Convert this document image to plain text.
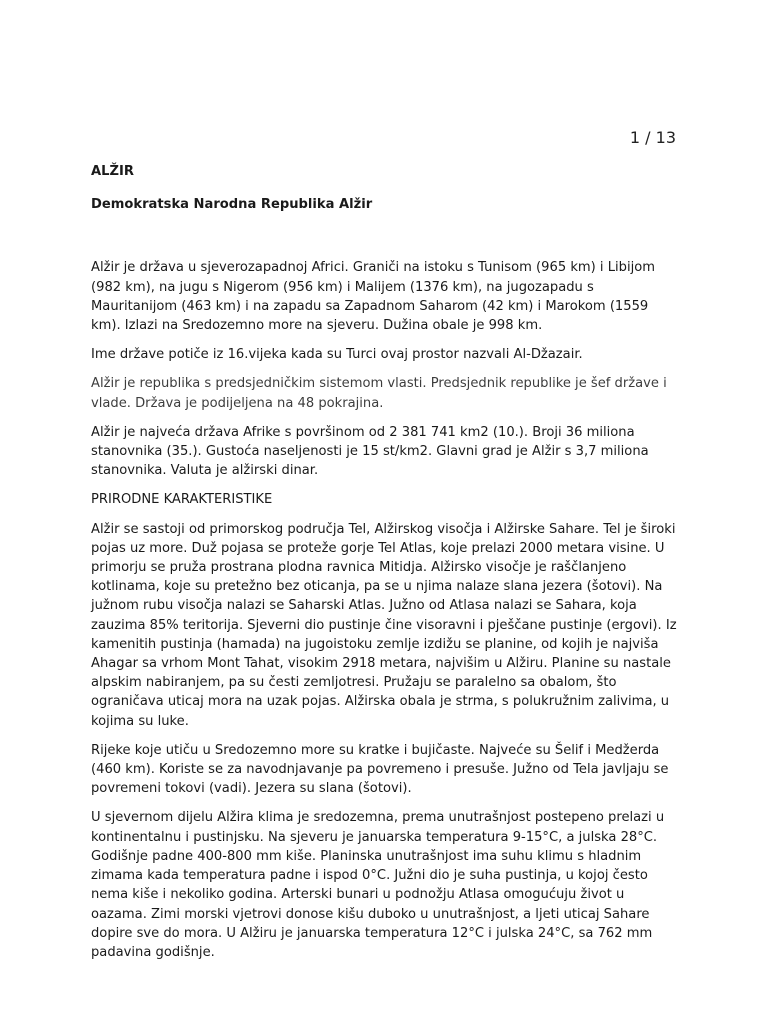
1 / 13
ALŽIR
Demokratska Narodna Republika Alžir

Alžir je država u sjeverozapadnoj Africi. Graniči na istoku s Tunisom (965 km) i Libijom (982 km), na jugu s Nigerom (956 km) i Malijem (1376 km), na jugozapadu s Mauritanijom (463 km) i na zapadu sa Zapadnom Saharom (42 km) i Marokom (1559 km). Izlazi na Sredozemno more na sjeveru. Dužina obale je 998 km.

Ime države potiče iz 16.vijeka kada su Turci ovaj prostor nazvali Al-Džazair.

Alžir je republika s predsjedničkim sistemom vlasti. Predsjednik republike je šef države i vlade. Država je podijeljena na 48 pokrajina.

Alžir je najveća država Afrike s površinom od 2 381 741 km2 (10.). Broji 36 miliona stanovnika (35.). Gustoća naseljenosti je 15 st/km2. Glavni grad je Alžir s 3,7 miliona stanovnika. Valuta je alžirski dinar.

PRIRODNE KARAKTERISTIKE

Alžir se sastoji od primorskog područja Tel, Alžirskog visočja i Alžirske Sahare. Tel je široki pojas uz more. Duž pojasa se proteže gorje Tel Atlas, koje prelazi 2000 metara visine. U primorju se pruža prostrana plodna ravnica Mitidja. Alžirsko visočje je raščlanjeno kotlinama, koje su pretežno bez oticanja, pa se u njima nalaze slana jezera (šotovi). Na južnom rubu visočja nalazi se Saharski Atlas. Južno od Atlasa nalazi se Sahara, koja zauzima 85% teritorija. Sjeverni dio pustinje čine visoravni i pješčane pustinje (ergovi). Iz kamenitih pustinja (hamada) na jugoistoku zemlje izdižu se planine, od kojih je najviša Ahagar sa vrhom Mont Tahat, visokim 2918 metara, najvišim u Alžiru. Planine su nastale alpskim nabiranjem, pa su česti zemljotresi. Pružaju se paralelno sa obalom, što ograničava uticaj mora na uzak pojas. Alžirska obala je strma, s polukružnim zalivima, u kojima su luke.

Rijeke koje utiču u Sredozemno more su kratke i bujičaste. Najveće su Šelif i Medžerda (460 km). Koriste se za navodnjavanje pa povremeno i presuše. Južno od Tela javljaju se povremeni tokovi (vadi). Jezera su slana (šotovi).

U sjevernom dijelu Alžira klima je sredozemna, prema unutrašnjost postepeno prelazi u kontinentalnu i pustinjsku. Na sjeveru je januarska temperatura 9-15°C, a julska 28°C. Godišnje padne 400-800 mm kiše. Planinska unutrašnjost ima suhu klimu s hladnim zimama kada temperatura padne i ispod 0°C. Južni dio je suha pustinja, u kojoj često nema kiše i nekoliko godina. Arterski bunari u podnožju Atlasa omogućuju život u oazama. Zimi morski vjetrovi donose kišu duboko u unutrašnjost, a ljeti uticaj Sahare dopire sve do mora. U Alžiru je januarska temperatura 12°C i julska 24°C, sa 762 mm padavina godišnje.
